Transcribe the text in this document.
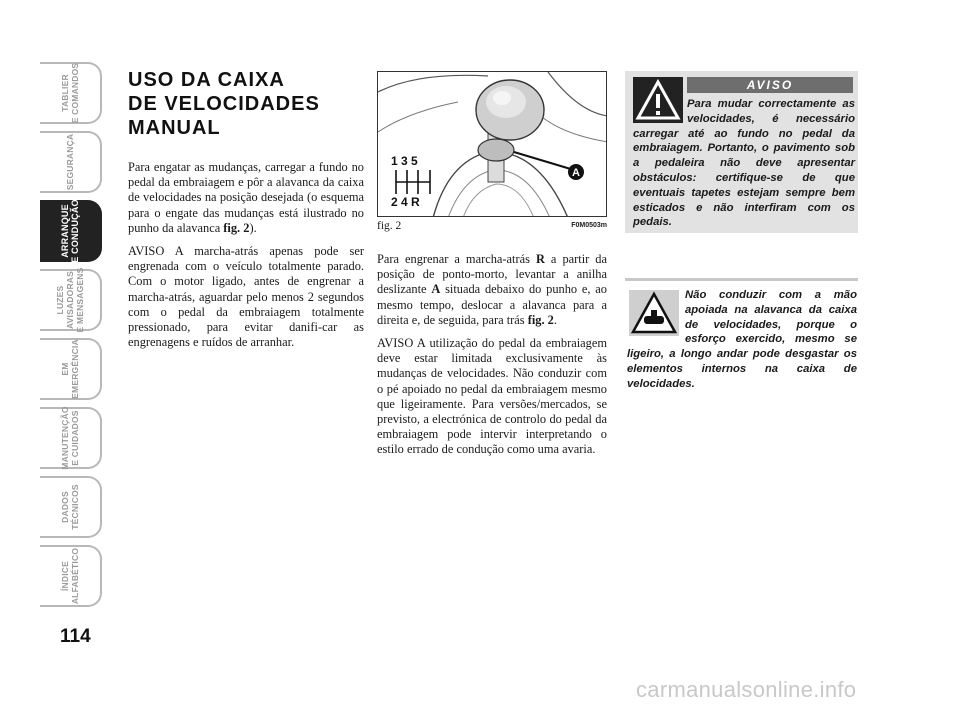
TABLIER
E COMANDOS
SEGURANÇA
ARRANQUE
E CONDUÇÃO
LUZES
AVISADORAS
E MENSAGENS
EM
EMERGÊNCIA
MANUTENÇÃO
E CUIDADOS
DADOS
TÉCNICOS
ÍNDICE
ALFABÉTICO
114
USO DA CAIXA
DE VELOCIDADES
MANUAL

Para engatar as mudanças, carregar a fundo no pedal da embraiagem e pôr a alavanca da caixa de velocidades na posição desejada (o esquema para o engate das mudanças está ilustrado no punho da alavanca fig. 2).

AVISO A marcha-atrás apenas pode ser engrenada com o veículo totalmente parado. Com o motor ligado, antes de engrenar a marcha-atrás, aguardar pelo menos 2 segundos com o pedal da embraiagem totalmente pressionado, para evitar danifi-car as engrenagens e ruídos de arranhar.

A
1 3 5
2 4 R
fig. 2	F0M0503m

Para engrenar a marcha-atrás R a partir da posição de ponto-morto, levantar a anilha deslizante A situada debaixo do punho e, ao mesmo tempo, deslocar a alavanca para a direita e, de seguida, para trás fig. 2.

AVISO A utilização do pedal da embraiagem deve estar limitada exclusivamente às mudanças de velocidades. Não conduzir com o pé apoiado no pedal da embraiagem mesmo que ligeiramente. Para versões/mercados, se previsto, a electrónica de controlo do pedal da embraiagem pode intervir interpretando o estilo errado de condução como uma avaria.

AVISO
Para mudar correctamente as velocidades, é necessário carregar até ao fundo no pedal da embraiagem. Portanto, o pavimento sob a pedaleira não deve apresentar obstáculos: certifique-se de que eventuais tapetes estejam sempre bem esticados e não interfiram com os pedais.
Não conduzir com a mão apoiada na alavanca da caixa de velocidades, porque o esforço exercido, mesmo se ligeiro, a longo andar pode desgastar os elementos internos na caixa de velocidades.
carmanualsonline.info
